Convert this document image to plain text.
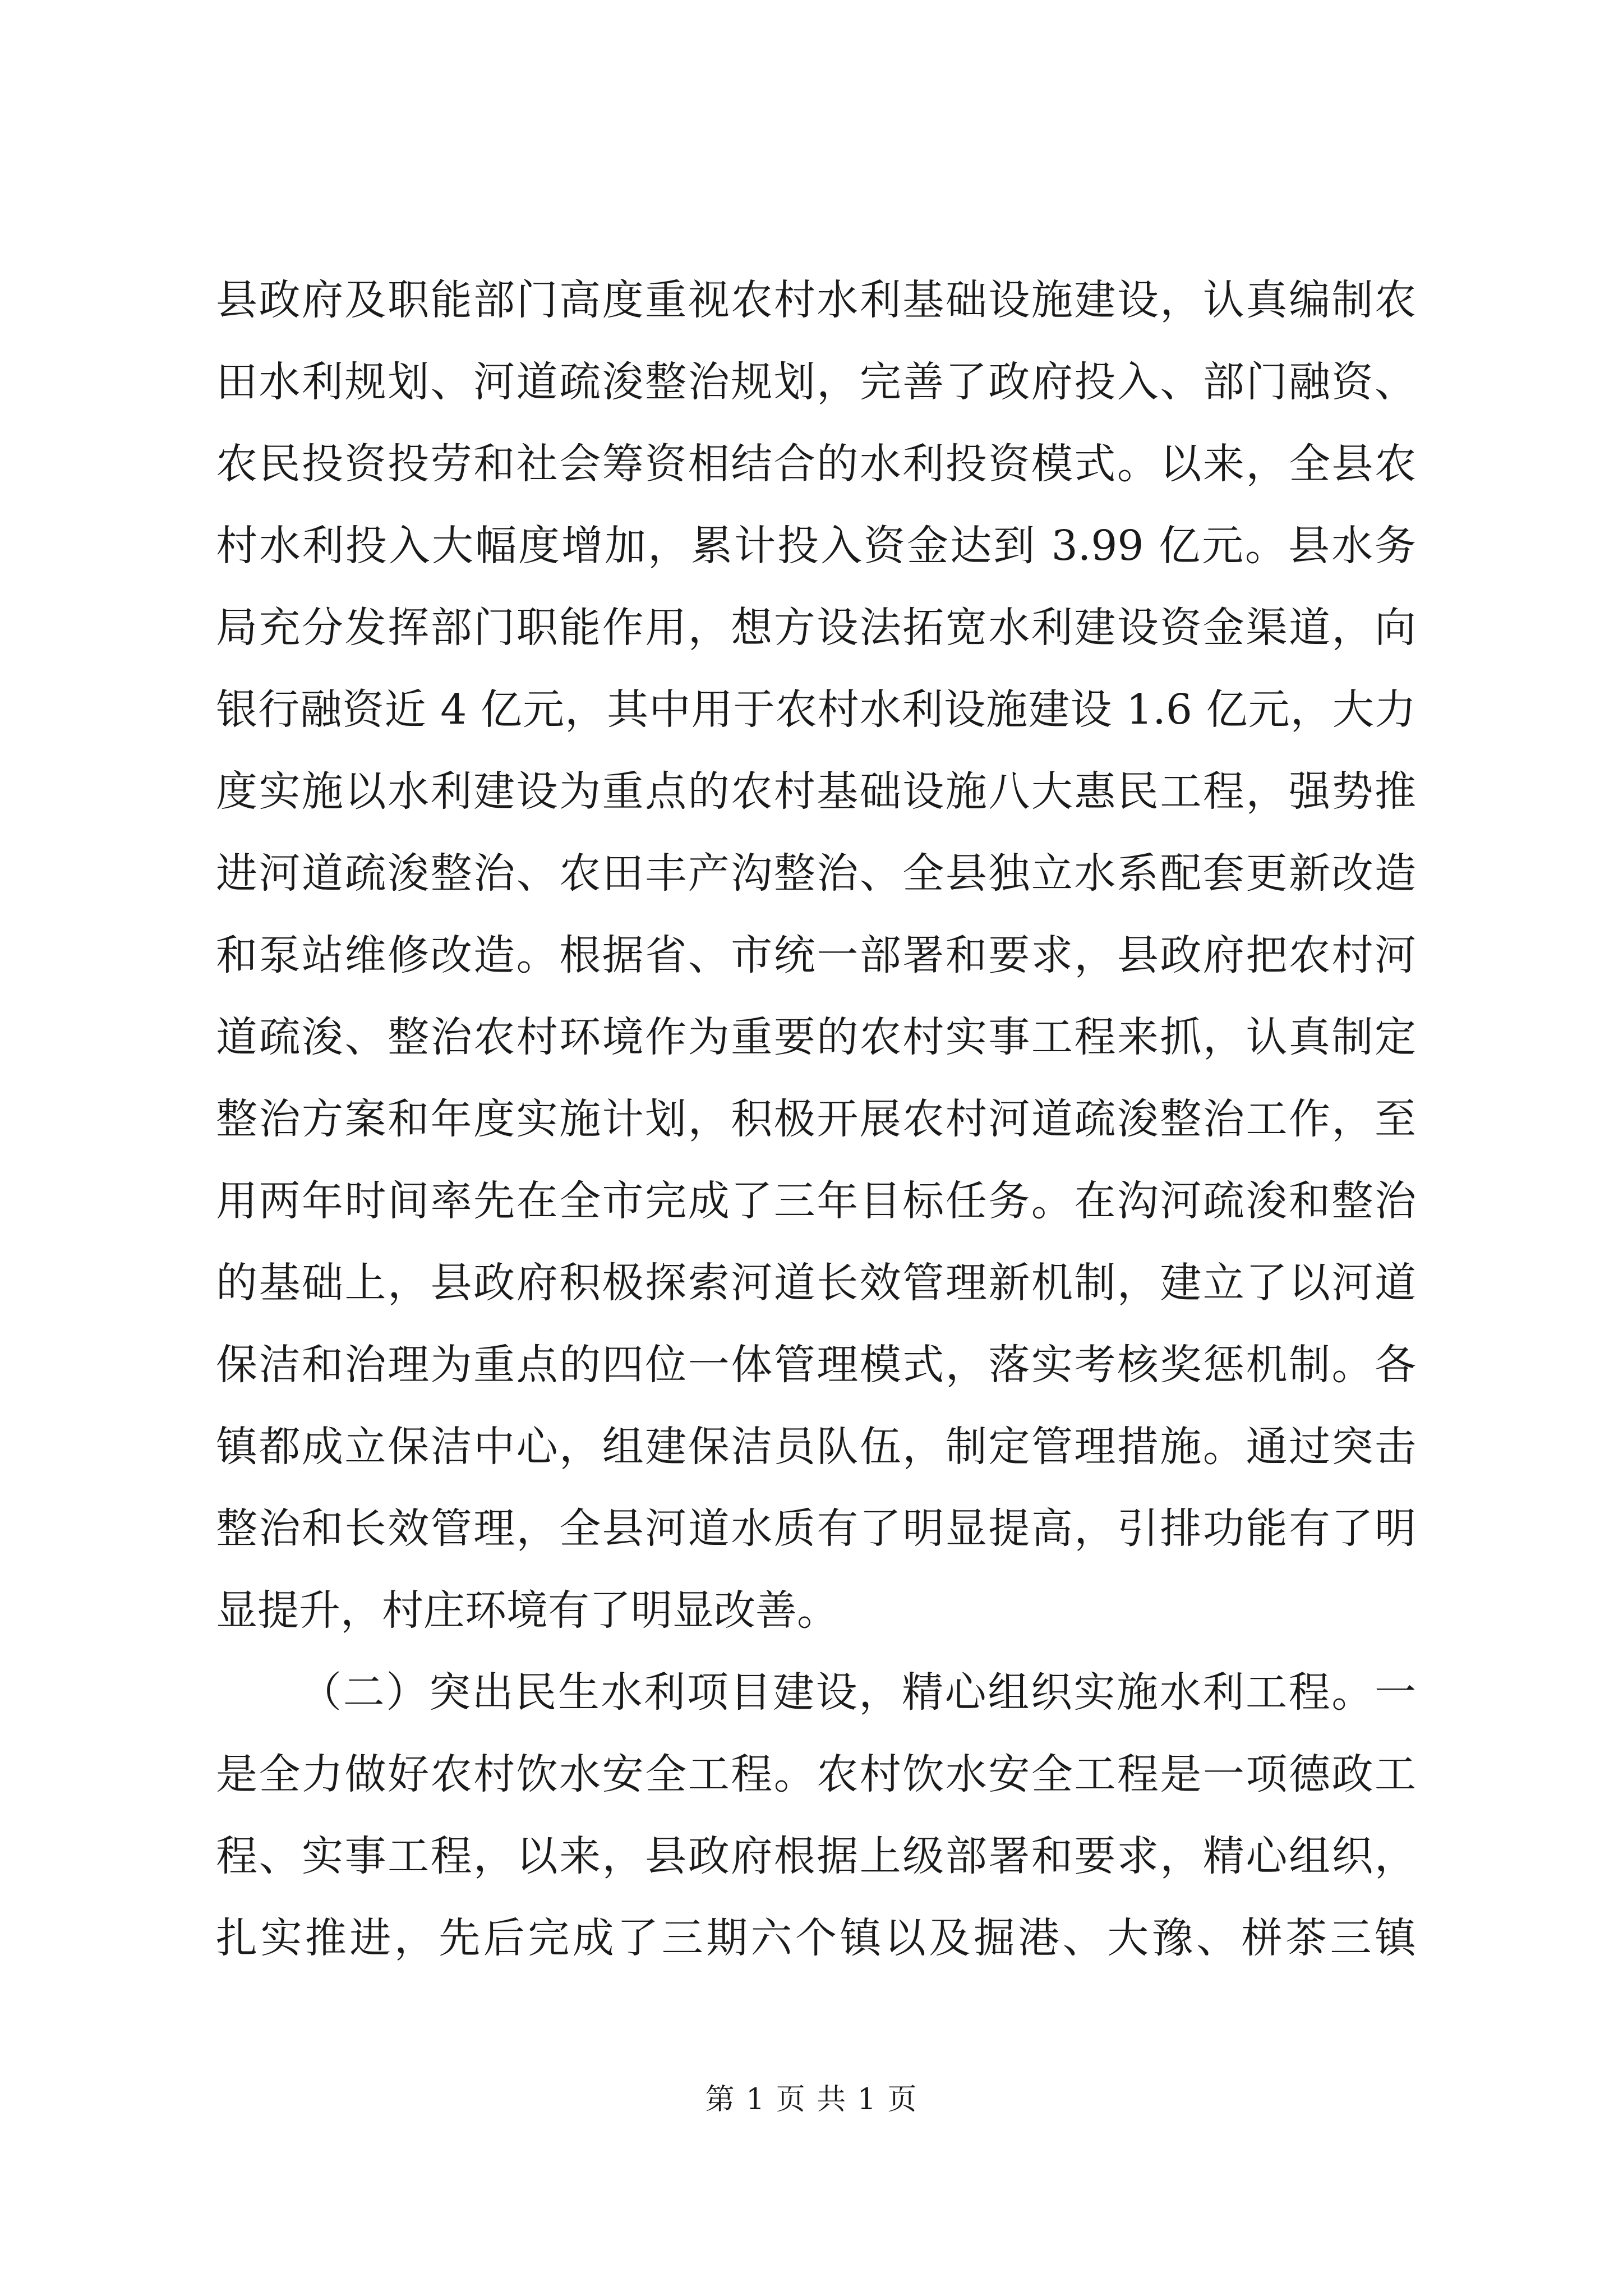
县政府及职能部门高度重视农村水利基础设施建设，认真编制农
田水利规划、河道疏浚整治规划，完善了政府投入、部门融资、
农民投资投劳和社会筹资相结合的水利投资模式。以来，全县农
村水利投入大幅度增加，累计投入资金达到 3.99 亿元。县水务
局充分发挥部门职能作用，想方设法拓宽水利建设资金渠道，向
银行融资近 4 亿元，其中用于农村水利设施建设 1.6 亿元，大力
度实施以水利建设为重点的农村基础设施八大惠民工程，强势推
进河道疏浚整治、农田丰产沟整治、全县独立水系配套更新改造
和泵站维修改造。根据省、市统一部署和要求，县政府把农村河
道疏浚、整治农村环境作为重要的农村实事工程来抓，认真制定
整治方案和年度实施计划，积极开展农村河道疏浚整治工作，至
用两年时间率先在全市完成了三年目标任务。在沟河疏浚和整治
的基础上，县政府积极探索河道长效管理新机制，建立了以河道
保洁和治理为重点的四位一体管理模式，落实考核奖惩机制。各
镇都成立保洁中心，组建保洁员队伍，制定管理措施。通过突击
整治和长效管理，全县河道水质有了明显提高，引排功能有了明
显提升，村庄环境有了明显改善。
（二）突出民生水利项目建设，精心组织实施水利工程。一
是全力做好农村饮水安全工程。农村饮水安全工程是一项德政工
程、实事工程，以来，县政府根据上级部署和要求，精心组织，
扎实推进，先后完成了三期六个镇以及掘港、大豫、栟茶三镇
第 1 页 共 1 页
